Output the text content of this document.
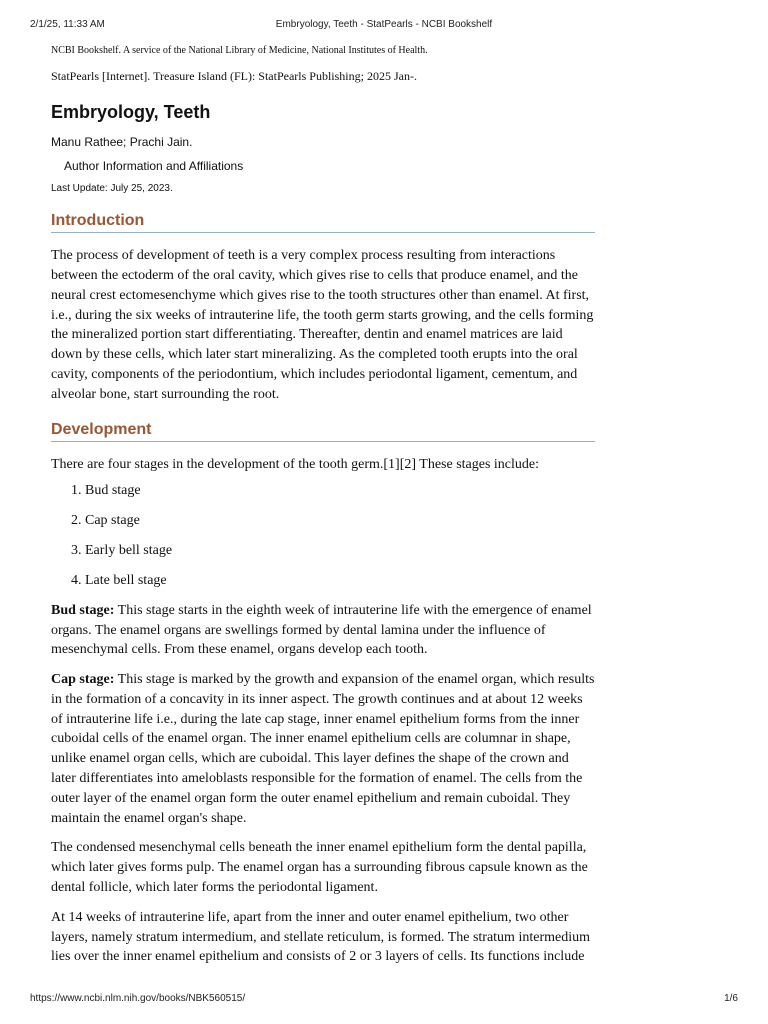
2/1/25, 11:33 AM	Embryology, Teeth - StatPearls - NCBI Bookshelf

NCBI Bookshelf. A service of the National Library of Medicine, National Institutes of Health.

StatPearls [Internet]. Treasure Island (FL): StatPearls Publishing; 2025 Jan-.

Embryology, Teeth

Manu Rathee; Prachi Jain.

Author Information and Affiliations

Last Update: July 25, 2023.

Introduction

The process of development of teeth is a very complex process resulting from interactions between the ectoderm of the oral cavity, which gives rise to cells that produce enamel, and the neural crest ectomesenchyme which gives rise to the tooth structures other than enamel. At first, i.e., during the six weeks of intrauterine life, the tooth germ starts growing, and the cells forming the mineralized portion start differentiating. Thereafter, dentin and enamel matrices are laid down by these cells, which later start mineralizing. As the completed tooth erupts into the oral cavity, components of the periodontium, which includes periodontal ligament, cementum, and alveolar bone, start surrounding the root.

Development

There are four stages in the development of the tooth germ.[1][2] These stages include:

1. Bud stage
2. Cap stage
3. Early bell stage
4. Late bell stage

Bud stage: This stage starts in the eighth week of intrauterine life with the emergence of enamel organs. The enamel organs are swellings formed by dental lamina under the influence of mesenchymal cells. From these enamel, organs develop each tooth.

Cap stage: This stage is marked by the growth and expansion of the enamel organ, which results in the formation of a concavity in its inner aspect. The growth continues and at about 12 weeks of intrauterine life i.e., during the late cap stage, inner enamel epithelium forms from the inner cuboidal cells of the enamel organ. The inner enamel epithelium cells are columnar in shape, unlike enamel organ cells, which are cuboidal. This layer defines the shape of the crown and later differentiates into ameloblasts responsible for the formation of enamel. The cells from the outer layer of the enamel organ form the outer enamel epithelium and remain cuboidal. They maintain the enamel organ's shape.

The condensed mesenchymal cells beneath the inner enamel epithelium form the dental papilla, which later gives forms pulp. The enamel organ has a surrounding fibrous capsule known as the dental follicle, which later forms the periodontal ligament.

At 14 weeks of intrauterine life, apart from the inner and outer enamel epithelium, two other layers, namely stratum intermedium, and stellate reticulum, is formed. The stratum intermedium lies over the inner enamel epithelium and consists of 2 or 3 layers of cells. Its functions include

https://www.ncbi.nlm.nih.gov/books/NBK560515/	1/6
